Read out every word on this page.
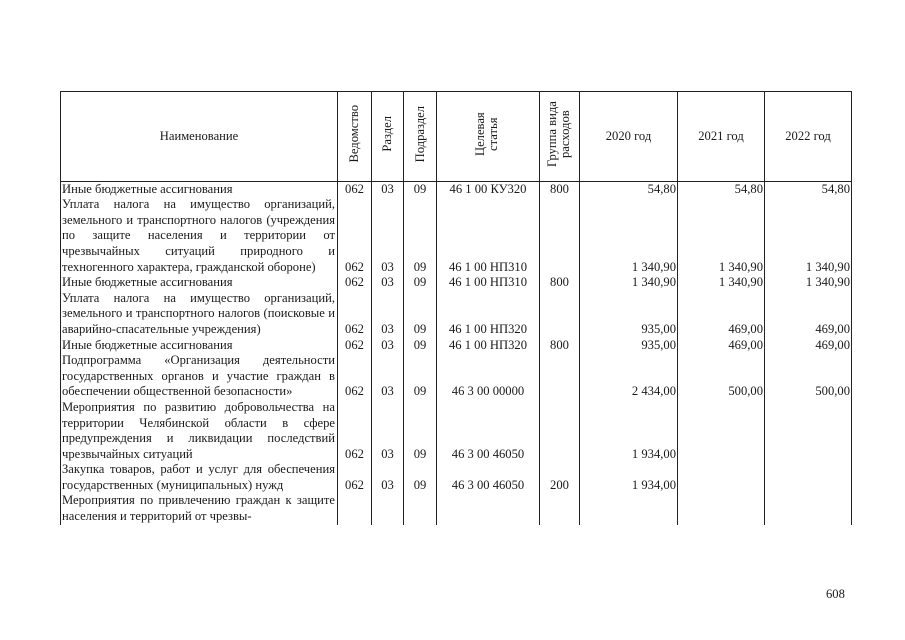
Наименование	Ведомство	Раздел	Подраздел	Целевая статья	Группа вида расходов	2020 год	2021 год	2022 год
Иные бюджетные ассигнования	062	03	09	46 1 00 КУ320	800	54,80	54,80	54,80
Уплата налога на имущество организаций, земельного и транспортного налогов (учреждения по защите населения и территории от чрезвычайных ситуаций природного и техногенного характера, гражданской обороне)	062	03	09	46 1 00 НП310		1 340,90	1 340,90	1 340,90
Иные бюджетные ассигнования	062	03	09	46 1 00 НП310	800	1 340,90	1 340,90	1 340,90
Уплата налога на имущество организаций, земельного и транспортного налогов (поисковые и аварийно-спасательные учреждения)	062	03	09	46 1 00 НП320		935,00	469,00	469,00
Иные бюджетные ассигнования	062	03	09	46 1 00 НП320	800	935,00	469,00	469,00
Подпрограмма «Организация деятельности государственных органов и участие граждан в обеспечении общественной безопасности»	062	03	09	46 3 00 00000		2 434,00	500,00	500,00
Мероприятия по развитию добровольчества на территории Челябинской области в сфере предупреждения и ликвидации последствий чрезвычайных ситуаций	062	03	09	46 3 00 46050		1 934,00		
Закупка товаров, работ и услуг для обеспечения государственных (муниципальных) нужд	062	03	09	46 3 00 46050	200	1 934,00		
Мероприятия по привлечению граждан к защите населения и территорий от чрезвы-								
608
